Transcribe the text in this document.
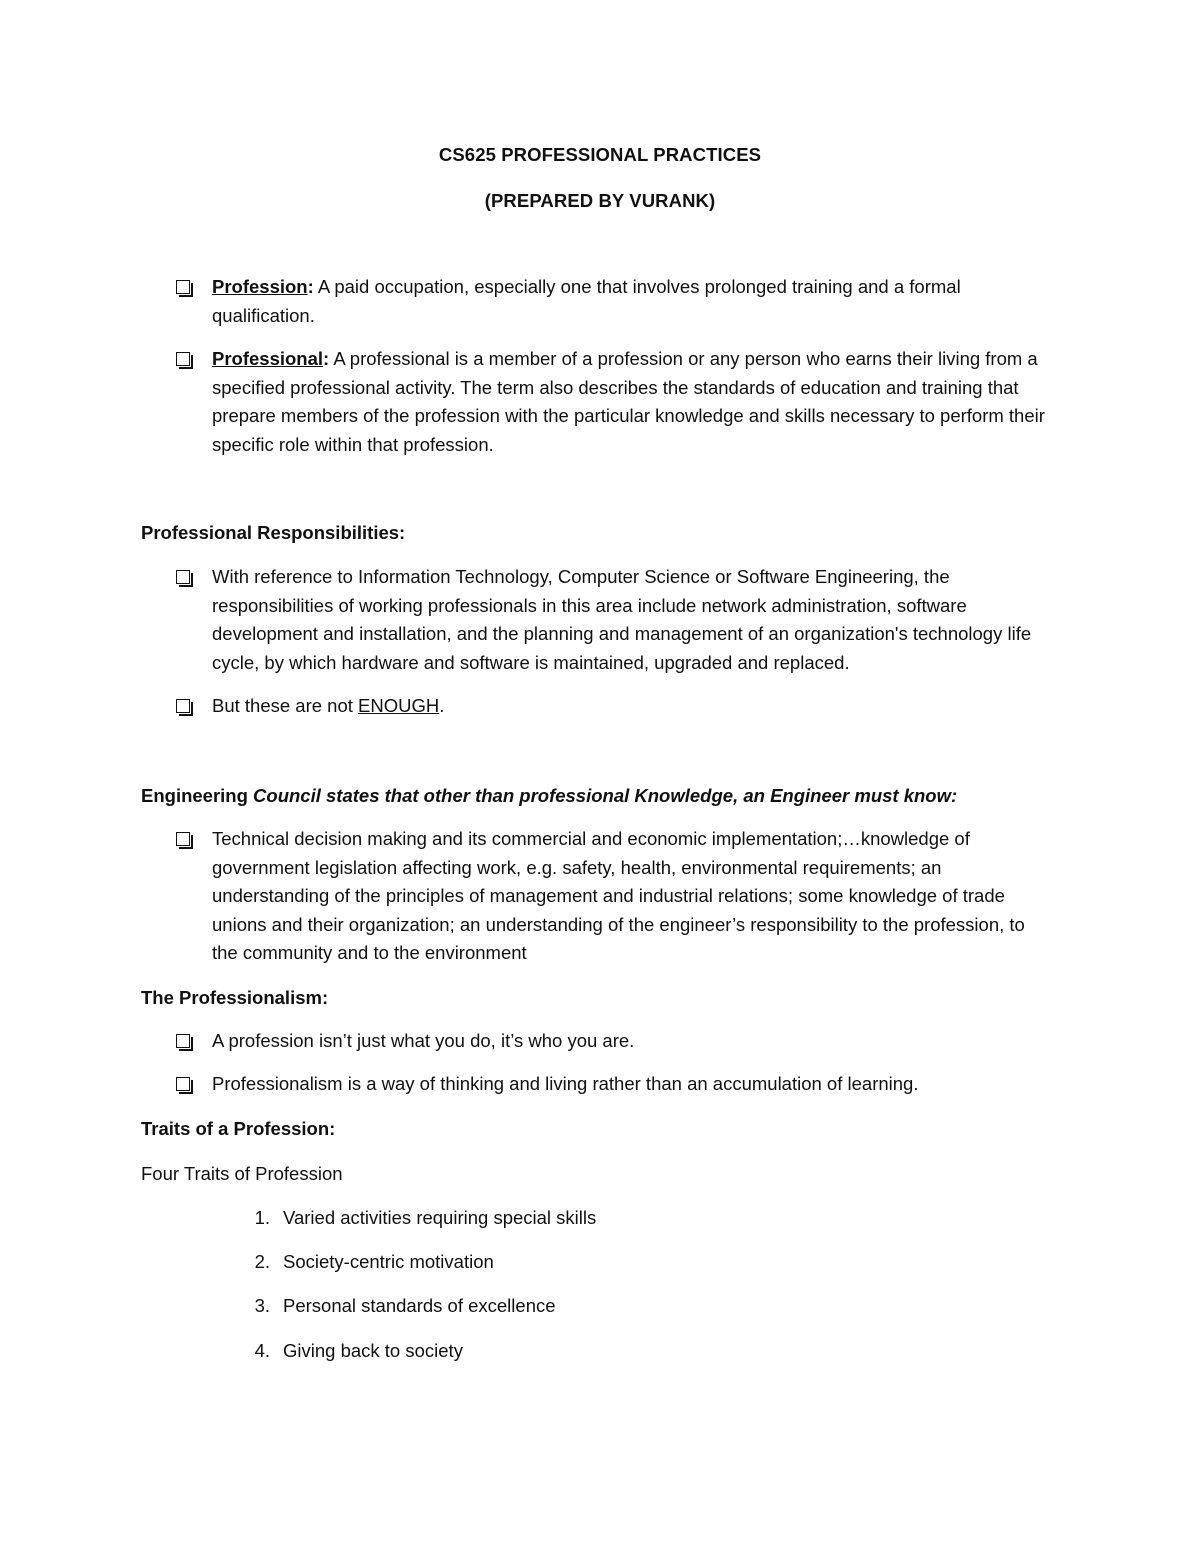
CS625 PROFESSIONAL PRACTICES
(PREPARED BY VURANK)
Profession: A paid occupation, especially one that involves prolonged training and a formal qualification.
Professional: A professional is a member of a profession or any person who earns their living from a specified professional activity. The term also describes the standards of education and training that prepare members of the profession with the particular knowledge and skills necessary to perform their specific role within that profession.
Professional Responsibilities:
With reference to Information Technology, Computer Science or Software Engineering, the responsibilities of working professionals in this area include network administration, software development and installation, and the planning and management of an organization's technology life cycle, by which hardware and software is maintained, upgraded and replaced.
But these are not ENOUGH.
Engineering Council states that other than professional Knowledge, an Engineer must know:
Technical decision making and its commercial and economic implementation;…knowledge of government legislation affecting work, e.g. safety, health, environmental requirements; an understanding of the principles of management and industrial relations; some knowledge of trade unions and their organization; an understanding of the engineer’s responsibility to the profession, to the community and to the environment
The Professionalism:
A profession isn’t just what you do, it’s who you are.
Professionalism is a way of thinking and living rather than an accumulation of learning.
Traits of a Profession:
Four Traits of Profession
1. Varied activities requiring special skills
2. Society-centric motivation
3. Personal standards of excellence
4. Giving back to society
